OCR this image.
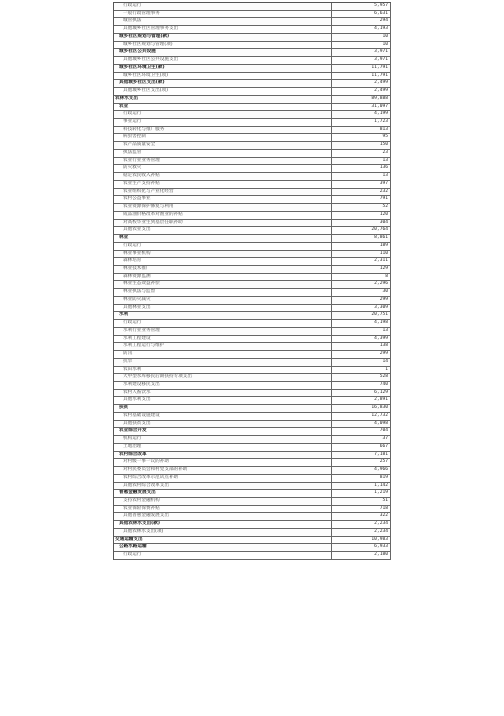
行政运行	5,957
一般行政管理事务	6,631
城管执法	294
其他城乡社区管理事务支出	4,193
城乡社区规划与管理(款)	10
城乡社区规划与管理(项)	10
城乡社区公共设施	3,971
其他城乡社区公共设施支出	3,971
城乡社区环境卫生(款)	11,791
城乡社区环境卫生(项)	11,791
其他城乡社区支出(款)	2,499
其他城乡社区支出(项)	2,499
农林水支出	89,888
农业	31,097
行政运行	4,199
事业运行	1,723
科技转化与推广服务	813
病虫害控制	95
农产品质量安全	150
执法监管	23
农业行业业务管理	13
防灾救灾	136
稳定农民收入补贴	13
农业生产支持补贴	397
农业组织化与产业化经营	232
农村公益事业	791
农业资源保护修复与利用	52
成品油价格改革对渔业的补贴	120
对高校毕业生到基层任职补助	304
其他农业支出	20,764
林业	8,861
行政运行	189
林业事业机构	110
森林培育	2,311
林业技术推广	129
森林资源监测	8
林业生态效益补偿	2,296
林业执法与监督	30
林业防灾减灾	299
其他林业支出	3,309
水利	20,751
行政运行	4,198
水利行业业务管理	13
水利工程建设	4,399
水利工程运行与维护	138
防汛	299
抗旱	14
农田水利	1
大中型水库移民后期扶持专项支出	528
水利建设移民支出	740
农村人畜饮水	6,129
其他水利支出	2,891
扶贫	16,830
农村基础设施建设	12,732
其他扶贫支出	4,098
农业综合开发	704
机构运行	37
土地治理	667
农村综合改革	7,181
对村级一事一议的补助	257
对村民委员会和村党支部的补助	4,966
农村综合改革示范试点补助	819
其他农村综合改革支出	1,142
普惠金融发展支出	1,219
支持农村金融机构	51
农业保险保费补贴	718
其他普惠金融发展支出	322
其他农林水支出(款)	2,234
其他农林水支出(项)	2,234
交通运输支出	10,983
公路水路运输	6,933
行政运行	2,180
